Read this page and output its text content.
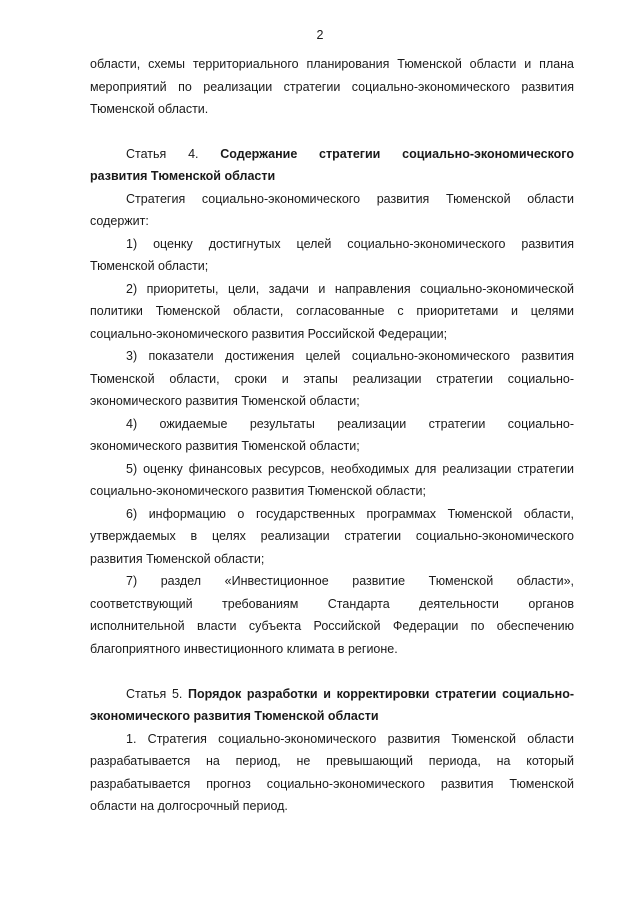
2
области, схемы территориального планирования Тюменской области и плана
мероприятий по реализации стратегии социально-экономического развития
Тюменской области.
Статья 4. Содержание стратегии социально-экономического
развития Тюменской области
Стратегия социально-экономического развития Тюменской области
содержит:
1) оценку достигнутых целей социально-экономического развития
Тюменской области;
2) приоритеты, цели, задачи и направления социально-экономической
политики Тюменской области, согласованные с приоритетами и целями
социально-экономического развития Российской Федерации;
3) показатели достижения целей социально-экономического развития
Тюменской области, сроки и этапы реализации стратегии социально-
экономического развития Тюменской области;
4) ожидаемые результаты реализации стратегии социально-
экономического развития Тюменской области;
5) оценку финансовых ресурсов, необходимых для реализации стратегии
социально-экономического развития Тюменской области;
6) информацию о государственных программах Тюменской области,
утверждаемых в целях реализации стратегии социально-экономического
развития Тюменской области;
7) раздел «Инвестиционное развитие Тюменской области»,
соответствующий требованиям Стандарта деятельности органов
исполнительной власти субъекта Российской Федерации по обеспечению
благоприятного инвестиционного климата в регионе.
Статья 5. Порядок разработки и корректировки стратегии социально-
экономического развития Тюменской области
1. Стратегия социально-экономического развития Тюменской области
разрабатывается на период, не превышающий периода, на который
разрабатывается прогноз социально-экономического развития Тюменской
области на долгосрочный период.
